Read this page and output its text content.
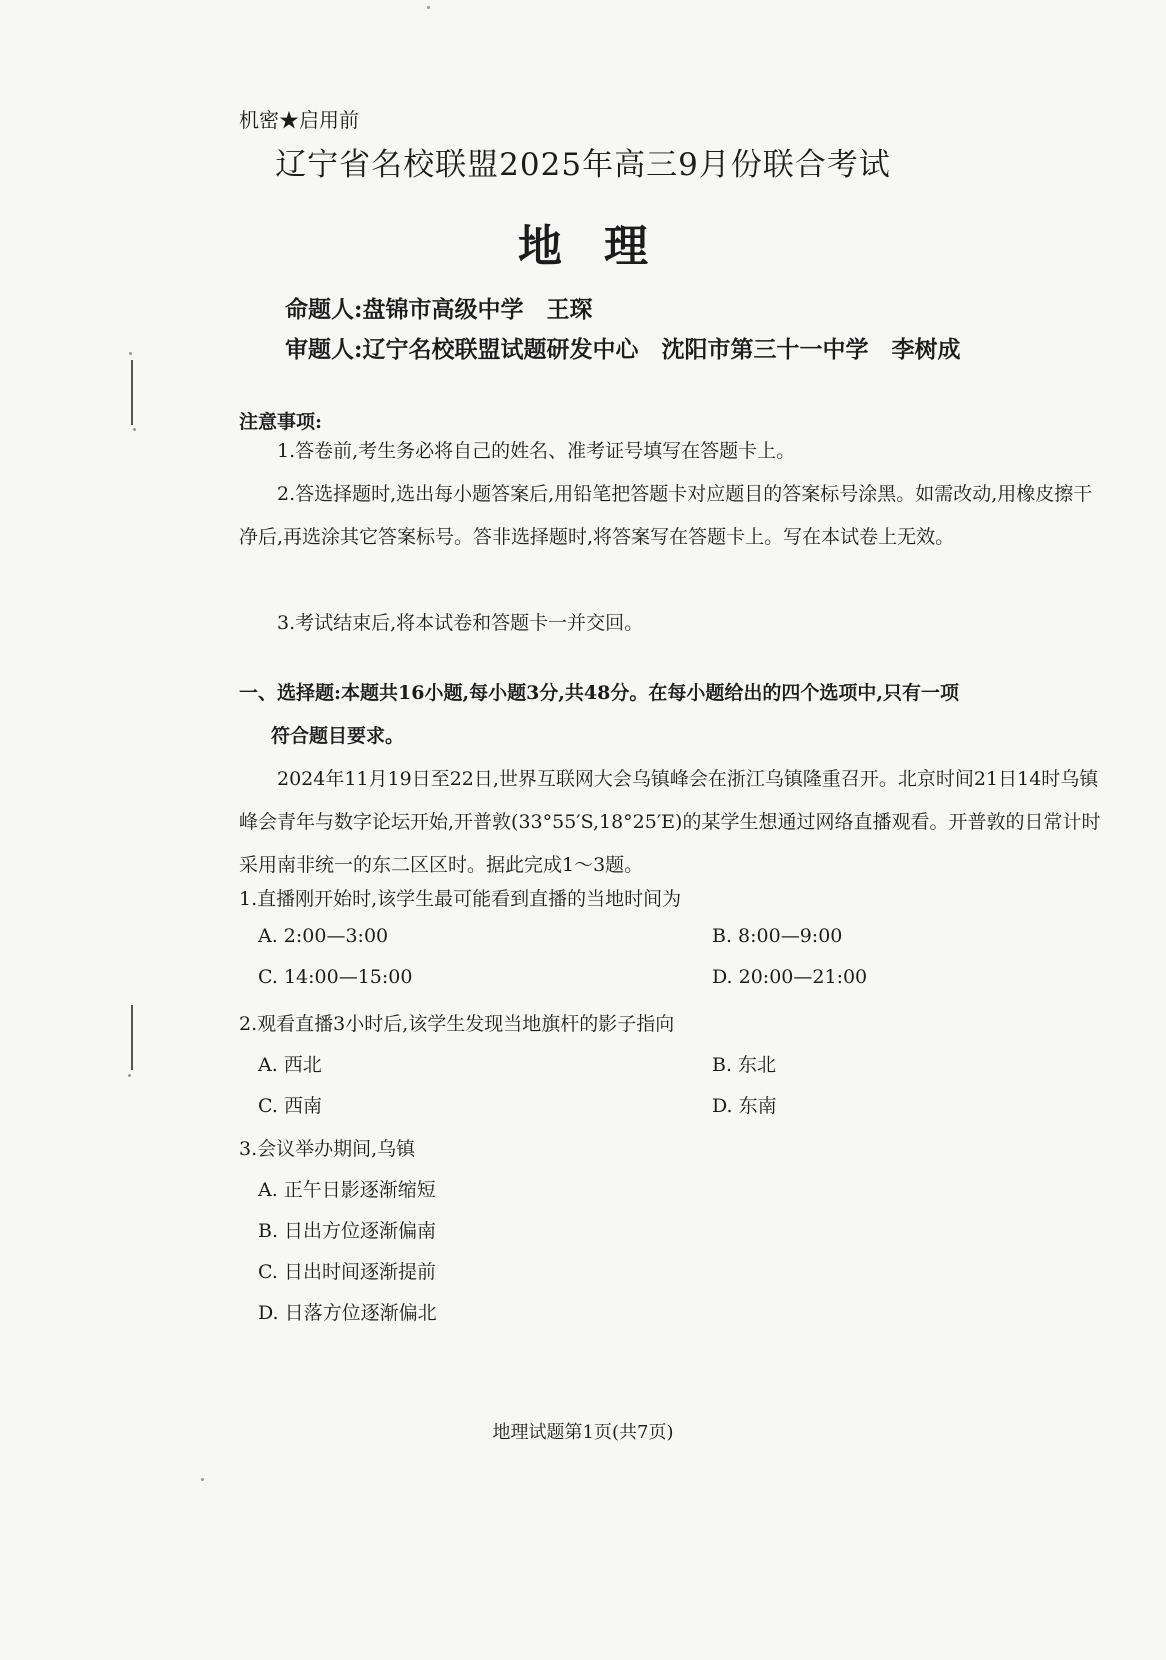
机密★启用前
辽宁省名校联盟2025年高三9月份联合考试
地理
命题人:盘锦市高级中学　王琛
审题人:辽宁名校联盟试题研发中心　沈阳市第三十一中学　李树成
注意事项:
1.答卷前,考生务必将自己的姓名、准考证号填写在答题卡上。
2.答选择题时,选出每小题答案后,用铅笔把答题卡对应题目的答案标号涂黑。如需改动,用橡皮擦干净后,再选涂其它答案标号。答非选择题时,将答案写在答题卡上。写在本试卷上无效。
3.考试结束后,将本试卷和答题卡一并交回。
一、选择题:本题共16小题,每小题3分,共48分。在每小题给出的四个选项中,只有一项
符合题目要求。
2024年11月19日至22日,世界互联网大会乌镇峰会在浙江乌镇隆重召开。北京时间21日14时乌镇峰会青年与数字论坛开始,开普敦(33°55′S,18°25′E)的某学生想通过网络直播观看。开普敦的日常计时采用南非统一的东二区区时。据此完成1～3题。
1.直播刚开始时,该学生最可能看到直播的当地时间为
A. 2:00—3:00	B. 8:00—9:00
C. 14:00—15:00	D. 20:00—21:00
2.观看直播3小时后,该学生发现当地旗杆的影子指向
A. 西北	B. 东北
C. 西南	D. 东南
3.会议举办期间,乌镇
A. 正午日影逐渐缩短
B. 日出方位逐渐偏南
C. 日出时间逐渐提前
D. 日落方位逐渐偏北
地理试题第1页(共7页)
